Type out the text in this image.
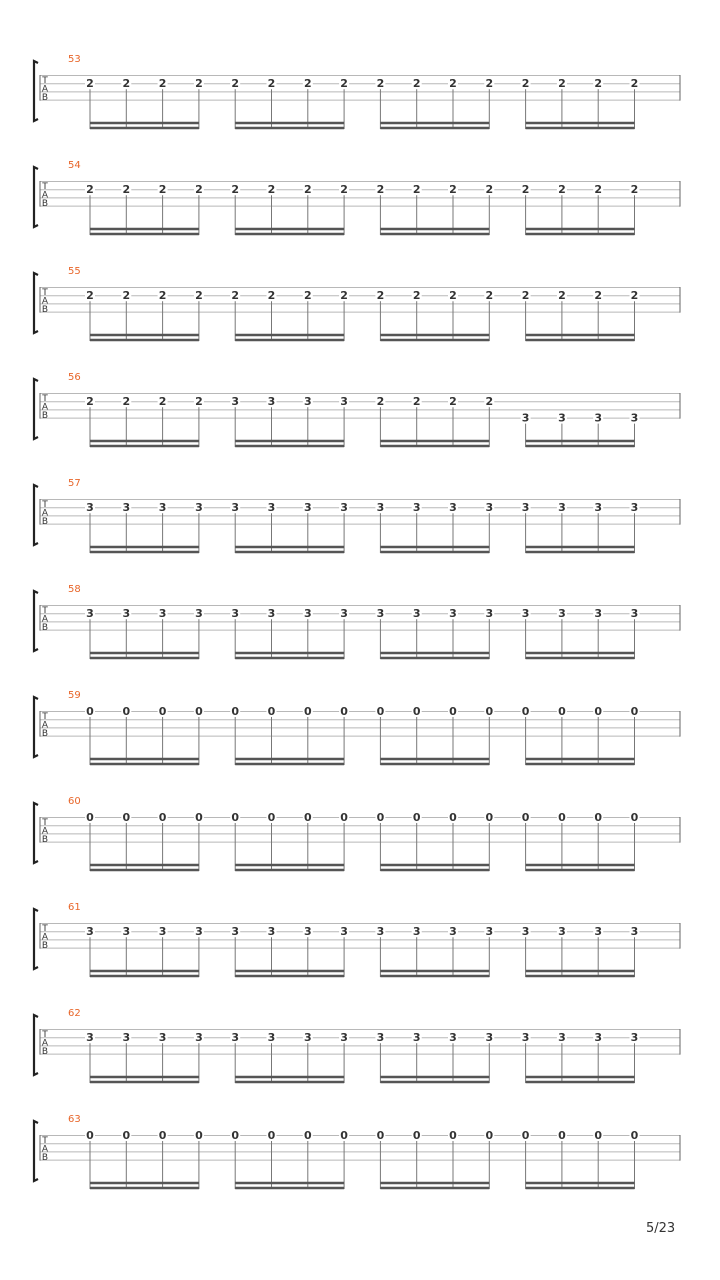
53
T
A
B
2	2	2	2	2	2	2	2	2	2	2	2	2	2	2	2
54
T
A
B
2	2	2	2	2	2	2	2	2	2	2	2	2	2	2	2
55
T
A
B
2	2	2	2	2	2	2	2	2	2	2	2	2	2	2	2
56
T
A
B
2	2	2	2	3	3	3	3	2	2	2	2
3	3	3	3
57
T
A
B
3	3	3	3	3	3	3	3	3	3	3	3	3	3	3	3
58
T
A
B
3	3	3	3	3	3	3	3	3	3	3	3	3	3	3	3
59
T
A
B
0	0	0	0	0	0	0	0	0	0	0	0	0	0	0	0
60
T
A
B
0	0	0	0	0	0	0	0	0	0	0	0	0	0	0	0
61
T
A
B
3	3	3	3	3	3	3	3	3	3	3	3	3	3	3	3
62
T
A
B
3	3	3	3	3	3	3	3	3	3	3	3	3	3	3	3
63
T
A
B
0	0	0	0	0	0	0	0	0	0	0	0	0	0	0	0
5/23
